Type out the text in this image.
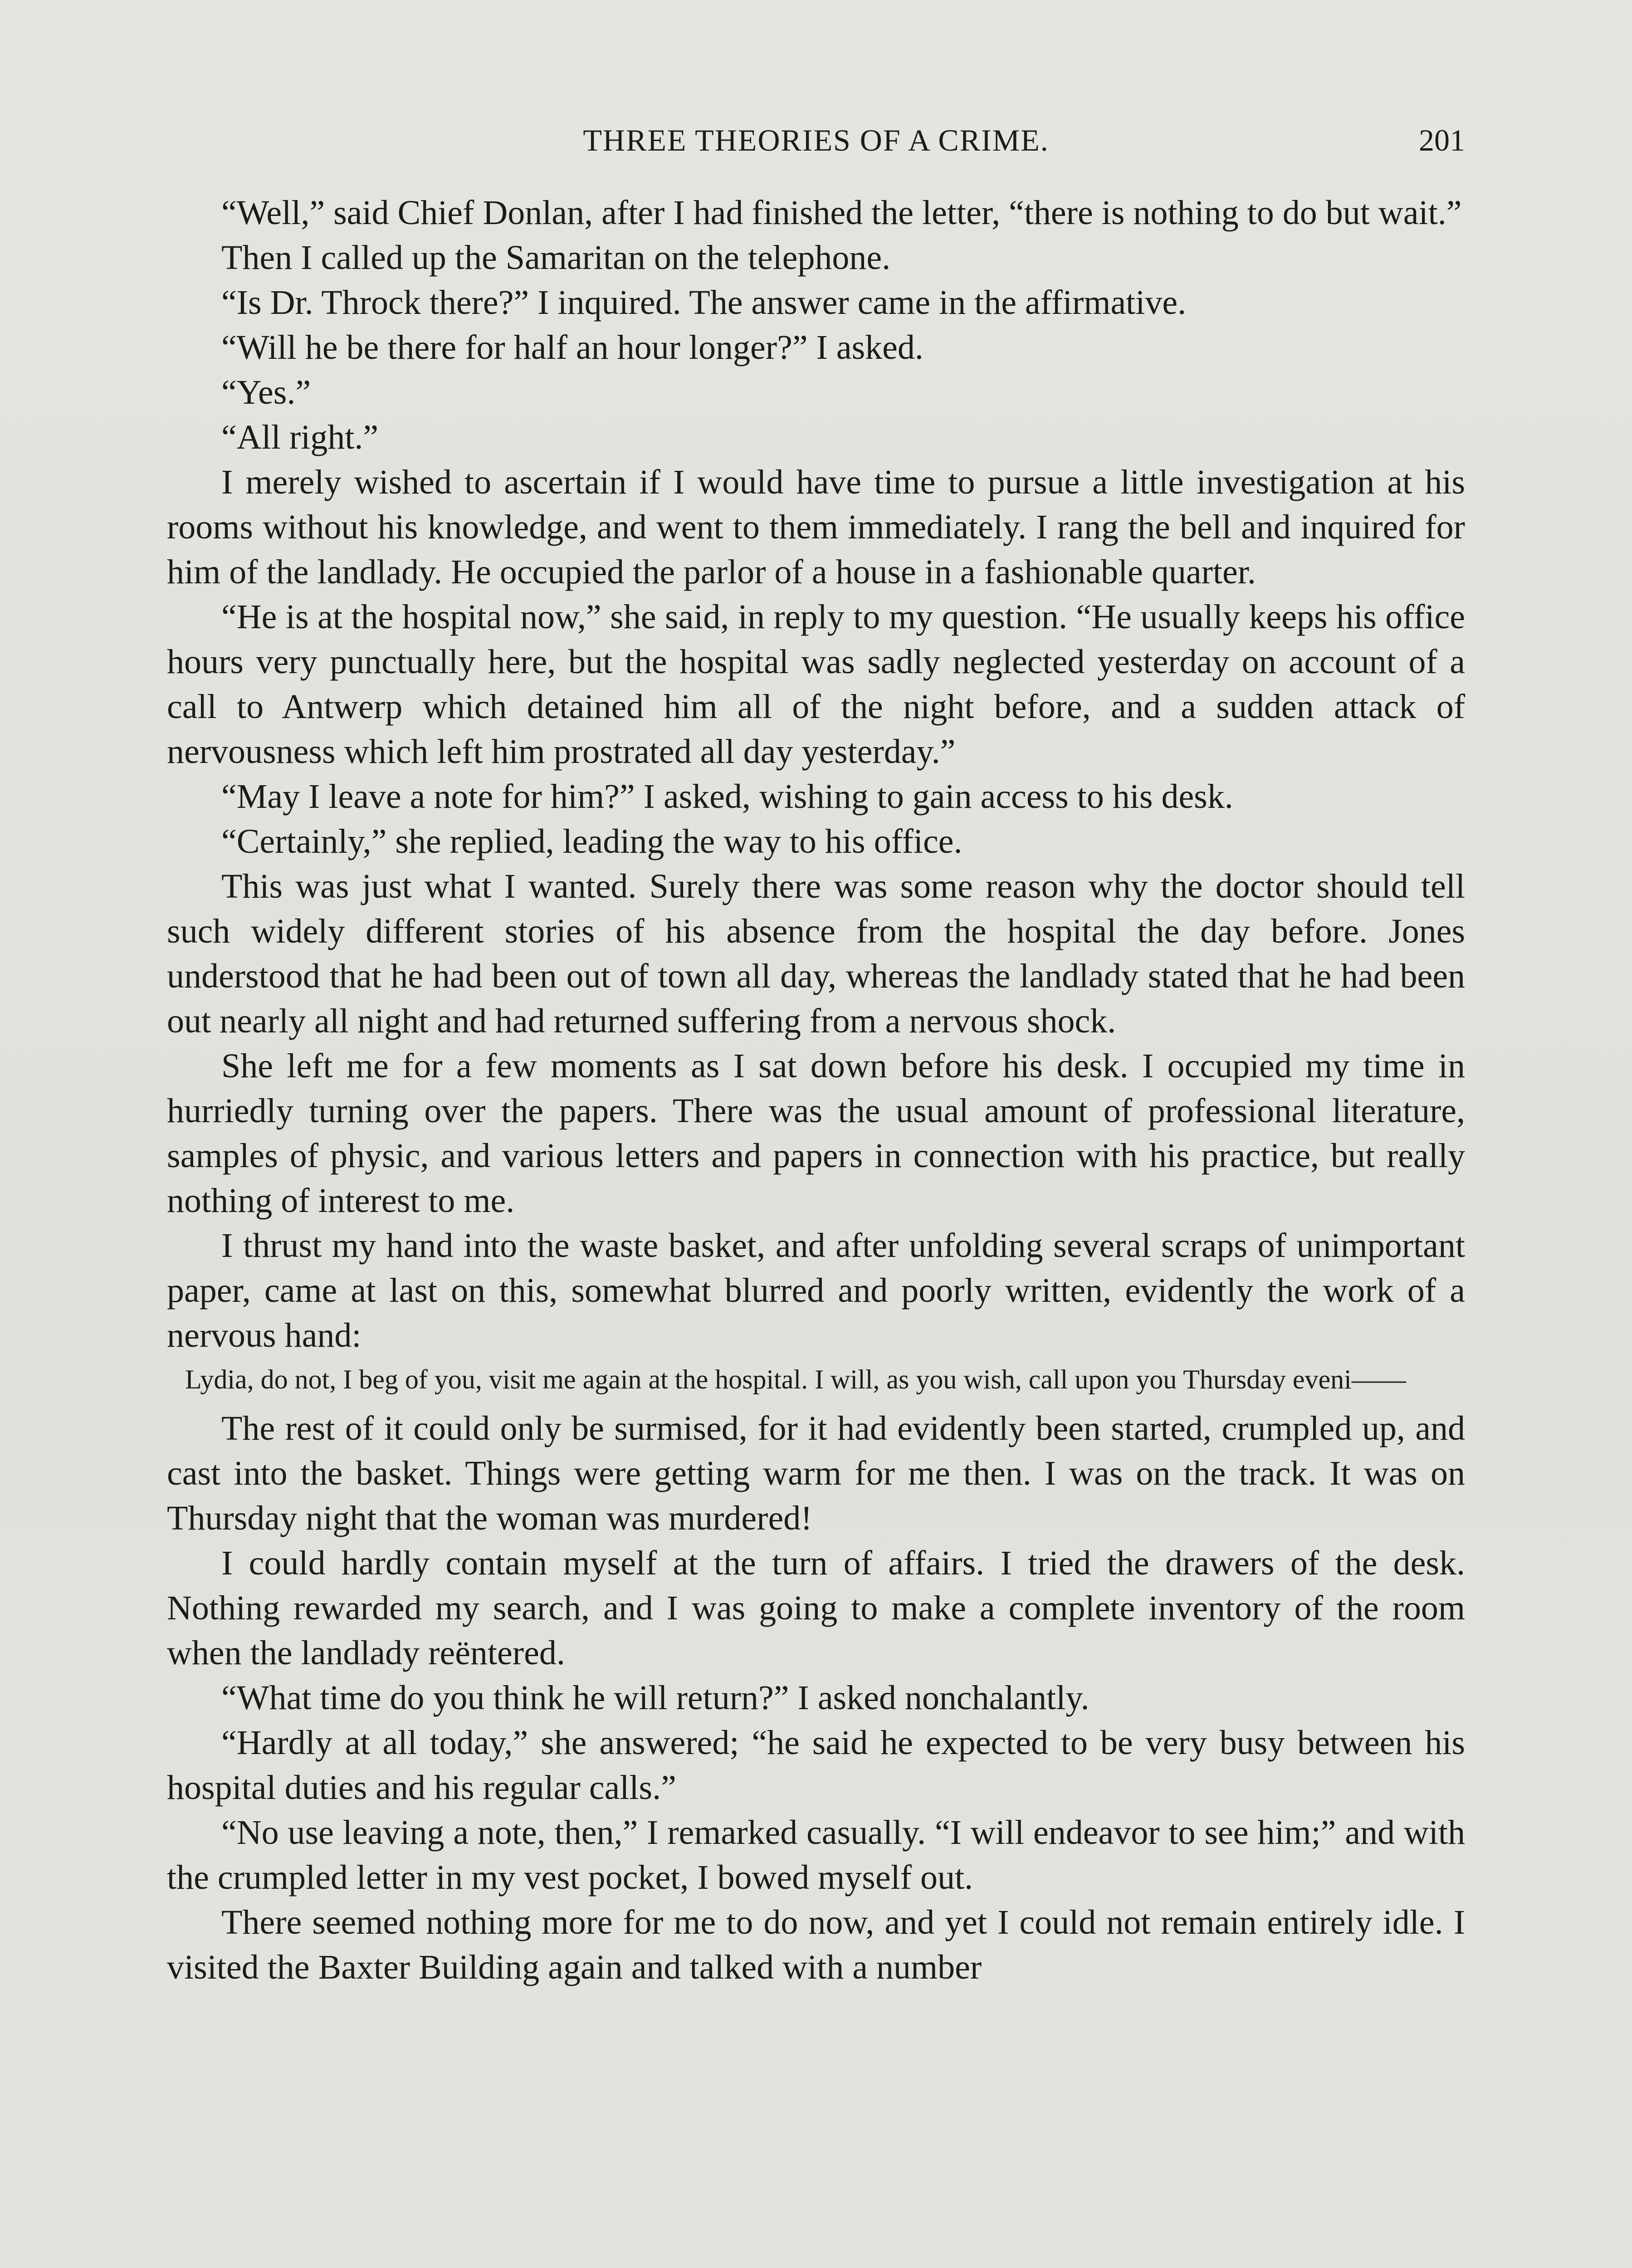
THREE THEORIES OF A CRIME.	201

“Well,” said Chief Donlan, after I had finished the letter, “there is nothing to do but wait.”

Then I called up the Samaritan on the telephone.

“Is Dr. Throck there?” I inquired. The answer came in the affirmative.

“Will he be there for half an hour longer?” I asked.

“Yes.”

“All right.”

I merely wished to ascertain if I would have time to pursue a little investigation at his rooms without his knowledge, and went to them immediately. I rang the bell and inquired for him of the landlady. He occupied the parlor of a house in a fashionable quarter.

“He is at the hospital now,” she said, in reply to my question. “He usually keeps his office hours very punctually here, but the hospital was sadly neglected yesterday on account of a call to Antwerp which detained him all of the night before, and a sudden attack of nervousness which left him prostrated all day yesterday.”

“May I leave a note for him?” I asked, wishing to gain access to his desk.

“Certainly,” she replied, leading the way to his office.

This was just what I wanted. Surely there was some reason why the doctor should tell such widely different stories of his absence from the hospital the day before. Jones understood that he had been out of town all day, whereas the landlady stated that he had been out nearly all night and had returned suffering from a nervous shock.

She left me for a few moments as I sat down before his desk. I occupied my time in hurriedly turning over the papers. There was the usual amount of professional literature, samples of physic, and various letters and papers in connection with his practice, but really nothing of interest to me.

I thrust my hand into the waste basket, and after unfolding several scraps of unimportant paper, came at last on this, somewhat blurred and poorly written, evidently the work of a nervous hand:

Lydia, do not, I beg of you, visit me again at the hospital. I will, as you wish, call upon you Thursday eveni——

The rest of it could only be surmised, for it had evidently been started, crumpled up, and cast into the basket. Things were getting warm for me then. I was on the track. It was on Thursday night that the woman was murdered!

I could hardly contain myself at the turn of affairs. I tried the drawers of the desk. Nothing rewarded my search, and I was going to make a complete inventory of the room when the landlady reëntered.

“What time do you think he will return?” I asked nonchalantly.

“Hardly at all today,” she answered; “he said he expected to be very busy between his hospital duties and his regular calls.”

“No use leaving a note, then,” I remarked casually. “I will endeavor to see him;” and with the crumpled letter in my vest pocket, I bowed myself out.

There seemed nothing more for me to do now, and yet I could not remain entirely idle. I visited the Baxter Building again and talked with a number
